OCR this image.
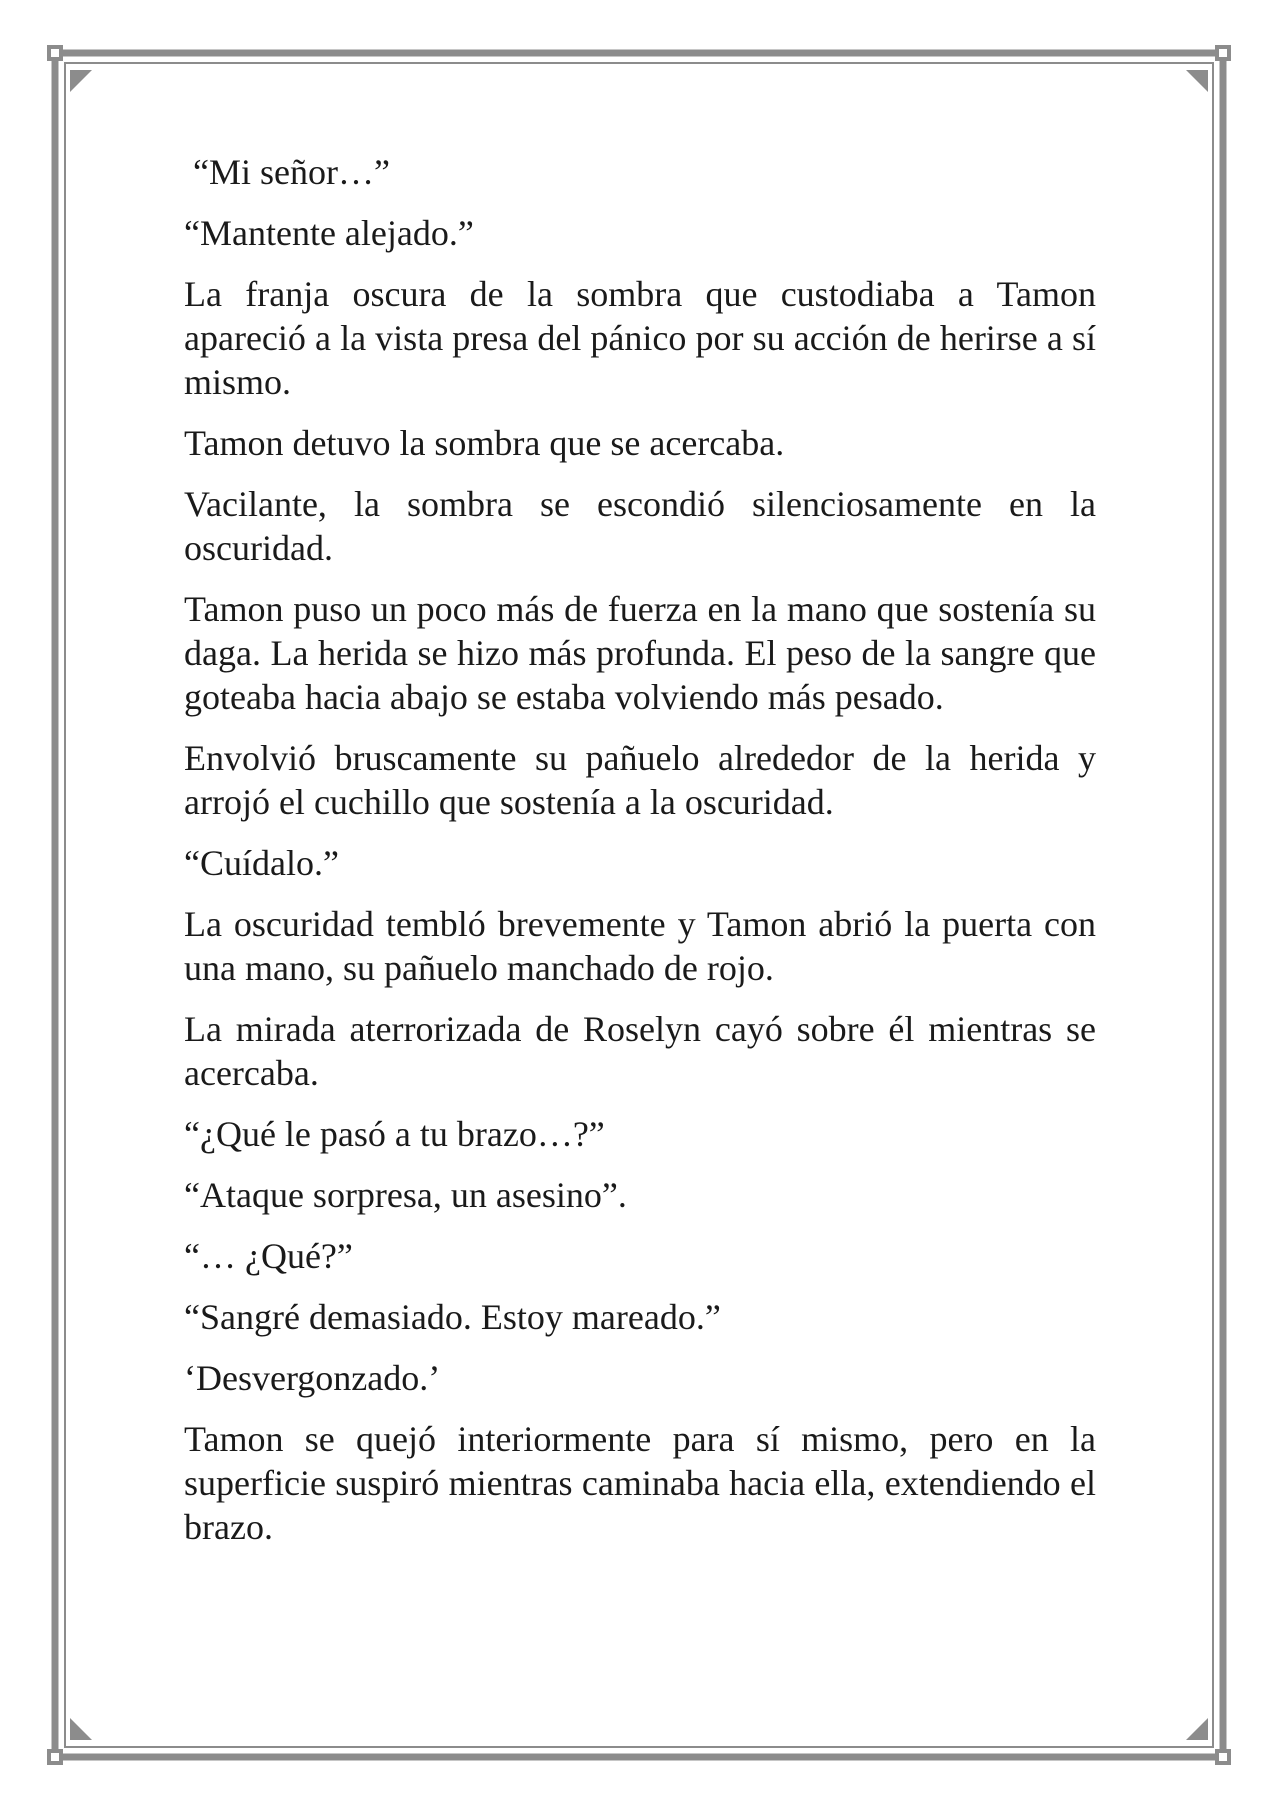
“Mi señor…”

“Mantente alejado.”

La franja oscura de la sombra que custodiaba a Tamon apareció a la vista presa del pánico por su acción de herirse a sí mismo.

Tamon detuvo la sombra que se acercaba.

Vacilante, la sombra se escondió silenciosamente en la oscuridad.

Tamon puso un poco más de fuerza en la mano que sostenía su daga. La herida se hizo más profunda. El peso de la sangre que goteaba hacia abajo se estaba volviendo más pesado.

Envolvió bruscamente su pañuelo alrededor de la herida y arrojó el cuchillo que sostenía a la oscuridad.

“Cuídalo.”

La oscuridad tembló brevemente y Tamon abrió la puerta con una mano, su pañuelo manchado de rojo.

La mirada aterrorizada de Roselyn cayó sobre él mientras se acercaba.

“¿Qué le pasó a tu brazo…?”

“Ataque sorpresa, un asesino”.

“… ¿Qué?”

“Sangré demasiado. Estoy mareado.”

‘Desvergonzado.’

Tamon se quejó interiormente para sí mismo, pero en la superficie suspiró mientras caminaba hacia ella, extendiendo el brazo.
